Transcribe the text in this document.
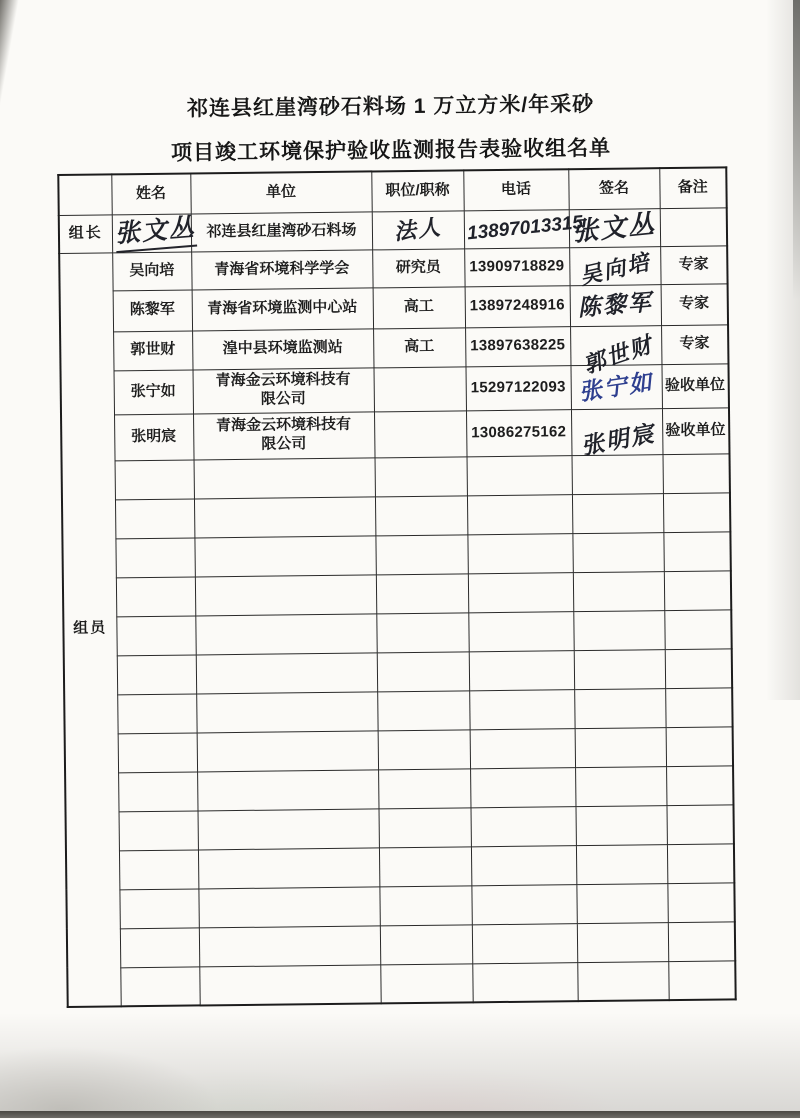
祁连县红崖湾砂石料场 1 万立方米/年采砂
项目竣工环境保护验收监测报告表验收组名单
	姓名	单位	职位/职称	电话	签名	备注
组长	张文丛	祁连县红崖湾砂石料场	法人	13897013315	张文丛	
组员	吴向培	青海省环境科学学会	研究员	13909718829	吴向培	专家
	陈黎军	青海省环境监测中心站	高工	13897248916	陈黎军	专家
	郭世财	湟中县环境监测站	高工	13897638225	郭世财	专家
	张宁如	青海金云环境科技有限公司		15297122093	张宁如	验收单位
	张明宸	青海金云环境科技有限公司		13086275162	张明宸	验收单位
